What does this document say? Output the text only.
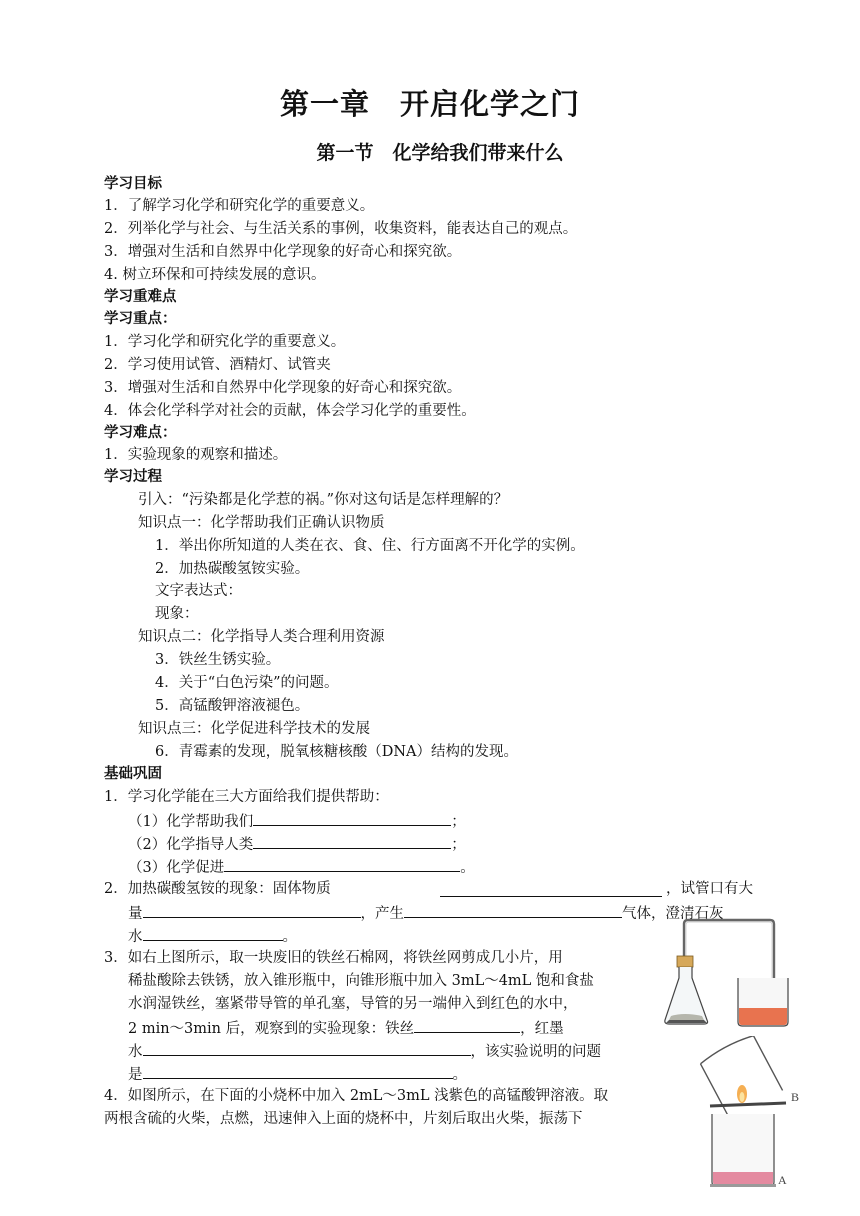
第一章　开启化学之门
第一节　化学给我们带来什么
学习目标
1．了解学习化学和研究化学的重要意义。
2．列举化学与社会、与生活关系的事例，收集资料，能表达自己的观点。
3．增强对生活和自然界中化学现象的好奇心和探究欲。
4. 树立环保和可持续发展的意识。
学习重难点
学习重点：
1．学习化学和研究化学的重要意义。
2．学习使用试管、酒精灯、试管夹
3．增强对生活和自然界中化学现象的好奇心和探究欲。
4．体会化学科学对社会的贡献，体会学习化学的重要性。
学习难点：
1．实验现象的观察和描述。
学习过程
引入：“污染都是化学惹的祸。”你对这句话是怎样理解的？
知识点一：化学帮助我们正确认识物质
1．举出你所知道的人类在衣、食、住、行方面离不开化学的实例。
2．加热碳酸氢铵实验。
文字表达式：
现象：
知识点二：化学指导人类合理利用资源
3．铁丝生锈实验。
4．关于“白色污染”的问题。
5．高锰酸钾溶液褪色。
知识点三：化学促进科学技术的发展
6．青霉素的发现，脱氧核糖核酸（DNA）结构的发现。
基础巩固
1．学习化学能在三大方面给我们提供帮助：
（1）化学帮助我们	；
（2）化学指导人类	；
（3）化学促进	。
2．加热碳酸氢铵的现象：固体物质	，试管口有大
量	，产生	气体，澄清石灰
水	。
3．如右上图所示，取一块废旧的铁丝石棉网，将铁丝网剪成几小片，用
稀盐酸除去铁锈，放入锥形瓶中，向锥形瓶中加入 3mL～4mL 饱和食盐
水润湿铁丝，塞紧带导管的单孔塞，导管的另一端伸入到红色的水中，
2 min～3min 后，观察到的实验现象：铁丝	，红墨
水	，该实验说明的问题
是	。
4．如图所示，在下面的小烧杯中加入 2mL～3mL 浅紫色的高锰酸钾溶液。取
两根含硫的火柴，点燃，迅速伸入上面的烧杯中，片刻后取出火柴，振荡下
B
A
